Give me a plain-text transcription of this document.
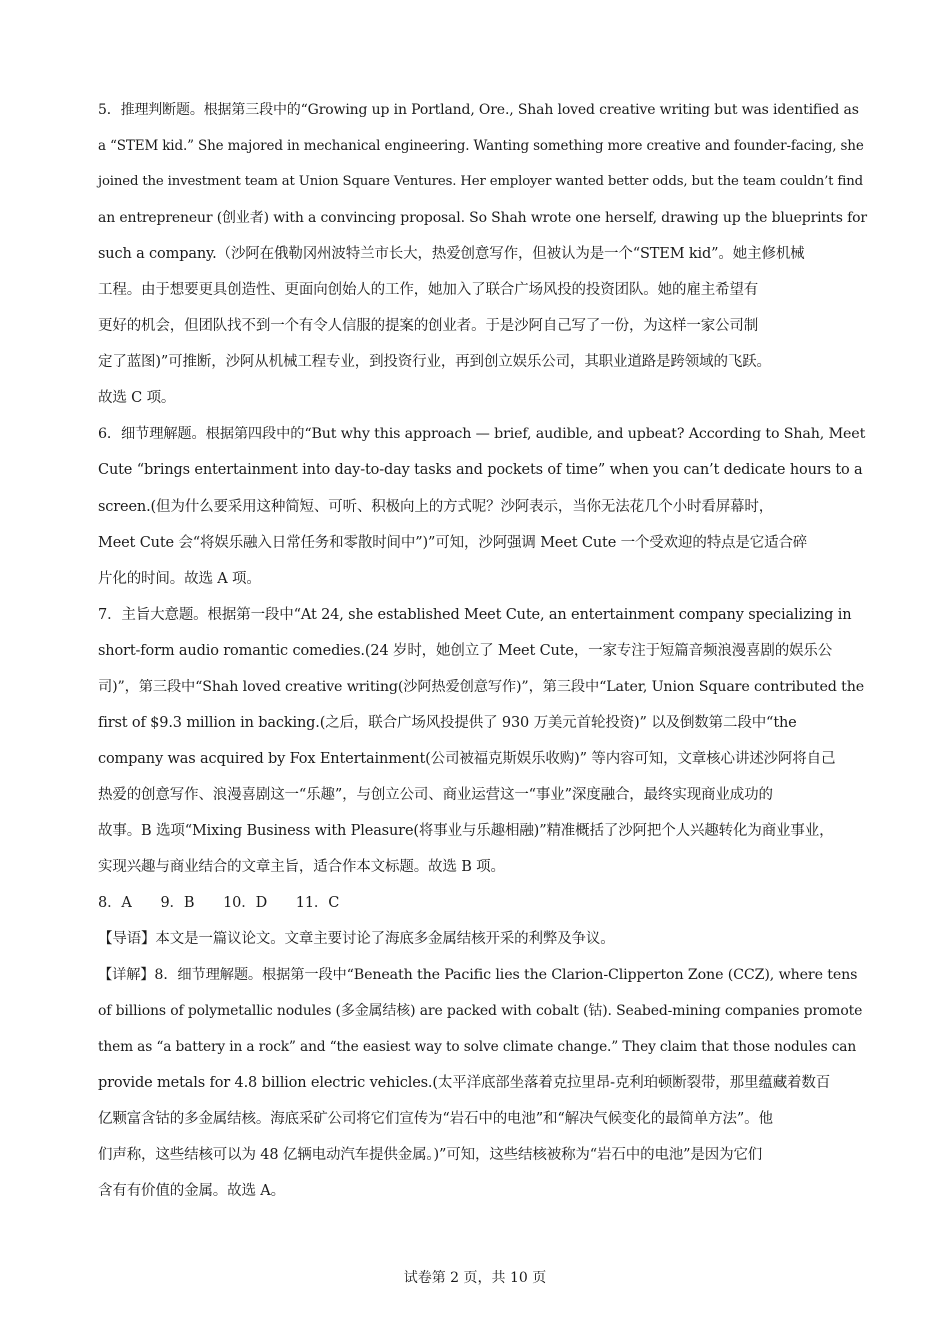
5．推理判断题。根据第三段中的“Growing up in Portland, Ore., Shah loved creative writing but was identified as
a “STEM kid.” She majored in mechanical engineering. Wanting something more creative and founder-facing, she
joined the investment team at Union Square Ventures. Her employer wanted better odds, but the team couldn’t find
an entrepreneur (创业者) with a convincing proposal. So Shah wrote one herself, drawing up the blueprints for
such a company.（沙阿在俄勒冈州波特兰市长大，热爱创意写作，但被认为是一个“STEM kid”。她主修机械
工程。由于想要更具创造性、更面向创始人的工作，她加入了联合广场风投的投资团队。她的雇主希望有
更好的机会，但团队找不到一个有令人信服的提案的创业者。于是沙阿自己写了一份，为这样一家公司制
定了蓝图)”可推断，沙阿从机械工程专业，到投资行业，再到创立娱乐公司，其职业道路是跨领域的飞跃。
故选 C 项。
6．细节理解题。根据第四段中的“But why this approach — brief, audible, and upbeat? According to Shah, Meet
Cute “brings entertainment into day-to-day tasks and pockets of time” when you can’t dedicate hours to a
screen.(但为什么要采用这种简短、可听、积极向上的方式呢？沙阿表示，当你无法花几个小时看屏幕时，
Meet Cute 会“将娱乐融入日常任务和零散时间中”)”可知，沙阿强调 Meet Cute 一个受欢迎的特点是它适合碎
片化的时间。故选 A 项。
7．主旨大意题。根据第一段中“At 24, she established Meet Cute, an entertainment company specializing in
short-form audio romantic comedies.(24 岁时，她创立了 Meet Cute，一家专注于短篇音频浪漫喜剧的娱乐公
司)”，第三段中“Shah loved creative writing(沙阿热爱创意写作)”，第三段中“Later, Union Square contributed the
first of $9.3 million in backing.(之后，联合广场风投提供了 930 万美元首轮投资)” 以及倒数第二段中“the
company was acquired by Fox Entertainment(公司被福克斯娱乐收购)” 等内容可知，文章核心讲述沙阿将自己
热爱的创意写作、浪漫喜剧这一“乐趣”，与创立公司、商业运营这一“事业”深度融合，最终实现商业成功的
故事。B 选项“Mixing Business with Pleasure(将事业与乐趣相融)”精准概括了沙阿把个人兴趣转化为商业事业，
实现兴趣与商业结合的文章主旨，适合作本文标题。故选 B 项。
8．A　　9．B　　10．D　　11．C
【导语】本文是一篇议论文。文章主要讨论了海底多金属结核开采的利弊及争议。
【详解】8．细节理解题。根据第一段中“Beneath the Pacific lies the Clarion-Clipperton Zone (CCZ), where tens
of billions of polymetallic nodules (多金属结核) are packed with cobalt (钴). Seabed-mining companies promote
them as “a battery in a rock” and “the easiest way to solve climate change.” They claim that those nodules can
provide metals for 4.8 billion electric vehicles.(太平洋底部坐落着克拉里昂-克利珀顿断裂带，那里蕴藏着数百
亿颗富含钴的多金属结核。海底采矿公司将它们宣传为“岩石中的电池”和“解决气候变化的最简单方法”。他
们声称，这些结核可以为 48 亿辆电动汽车提供金属。)”可知，这些结核被称为“岩石中的电池”是因为它们
含有有价值的金属。故选 A。
试卷第 2 页，共 10 页
